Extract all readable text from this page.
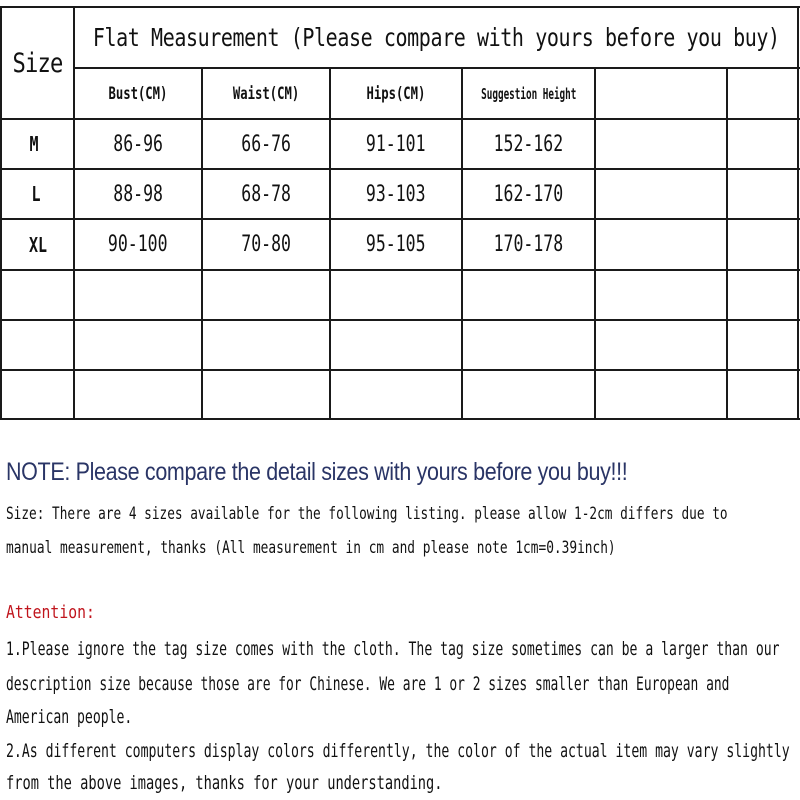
Size
Flat Measurement (Please compare with yours before you buy)
Bust(CM)	Waist(CM)	Hips(CM)	Suggestion Height
M	86-96	66-76	91-101	152-162
L	88-98	68-78	93-103	162-170
XL	90-100	70-80	95-105	170-178
NOTE: Please compare the detail sizes with yours before you buy!!!
Size: There are 4 sizes available for the following listing. please allow 1-2cm differs due to
manual measurement, thanks (All measurement in cm and please note 1cm=0.39inch)
Attention:
1.Please ignore the tag size comes with the cloth. The tag size sometimes can be a larger than our
description size because those are for Chinese. We are 1 or 2 sizes smaller than European and
American people.
2.As different computers display colors differently, the color of the actual item may vary slightly
from the above images, thanks for your understanding.
